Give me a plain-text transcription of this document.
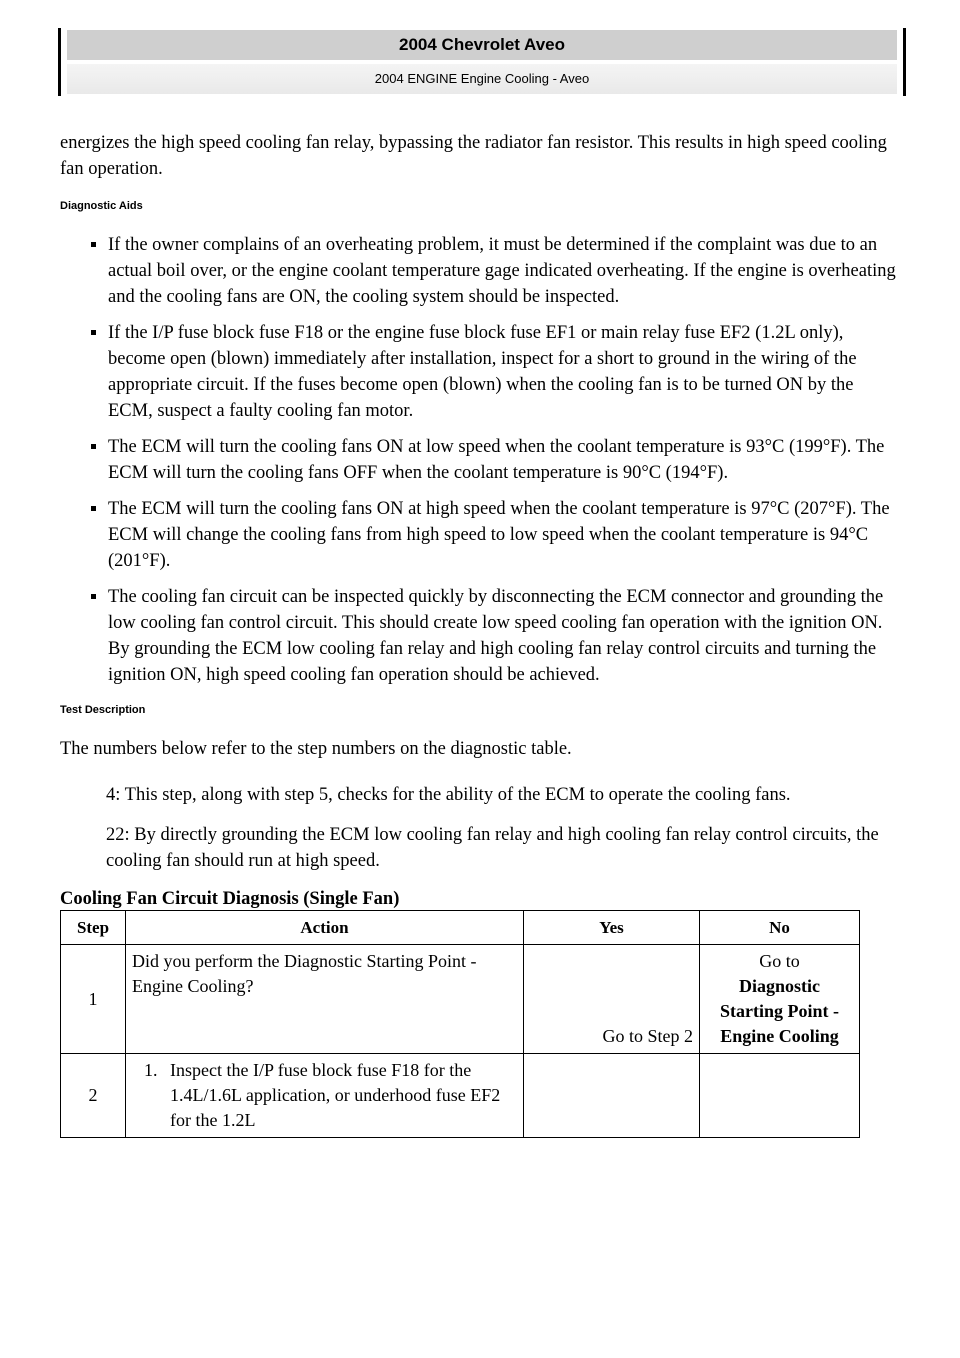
2004 Chevrolet Aveo
2004 ENGINE Engine Cooling - Aveo

energizes the high speed cooling fan relay, bypassing the radiator fan resistor. This results in high speed cooling fan operation.

Diagnostic Aids
▪ If the owner complains of an overheating problem, it must be determined if the complaint was due to an actual boil over, or the engine coolant temperature gage indicated overheating. If the engine is overheating and the cooling fans are ON, the cooling system should be inspected.
▪ If the I/P fuse block fuse F18 or the engine fuse block fuse EF1 or main relay fuse EF2 (1.2L only), become open (blown) immediately after installation, inspect for a short to ground in the wiring of the appropriate circuit. If the fuses become open (blown) when the cooling fan is to be turned ON by the ECM, suspect a faulty cooling fan motor.
▪ The ECM will turn the cooling fans ON at low speed when the coolant temperature is 93°C (199°F). The ECM will turn the cooling fans OFF when the coolant temperature is 90°C (194°F).
▪ The ECM will turn the cooling fans ON at high speed when the coolant temperature is 97°C (207°F). The ECM will change the cooling fans from high speed to low speed when the coolant temperature is 94°C (201°F).
▪ The cooling fan circuit can be inspected quickly by disconnecting the ECM connector and grounding the low cooling fan control circuit. This should create low speed cooling fan operation with the ignition ON. By grounding the ECM low cooling fan relay and high cooling fan relay control circuits and turning the ignition ON, high speed cooling fan operation should be achieved.
Test Description

The numbers below refer to the step numbers on the diagnostic table.

4: This step, along with step 5, checks for the ability of the ECM to operate the cooling fans.

22: By directly grounding the ECM low cooling fan relay and high cooling fan relay control circuits, the cooling fan should run at high speed.

Cooling Fan Circuit Diagnosis (Single Fan)
Step	Action	Yes	No
1	Did you perform the Diagnostic Starting Point - Engine Cooling?	Go to Step 2	Go to
Diagnostic Starting Point - Engine Cooling

2	1. Inspect the I/P fuse block fuse F18 for the 1.4L/1.6L application, or underhood fuse EF2 for the 1.2L		
